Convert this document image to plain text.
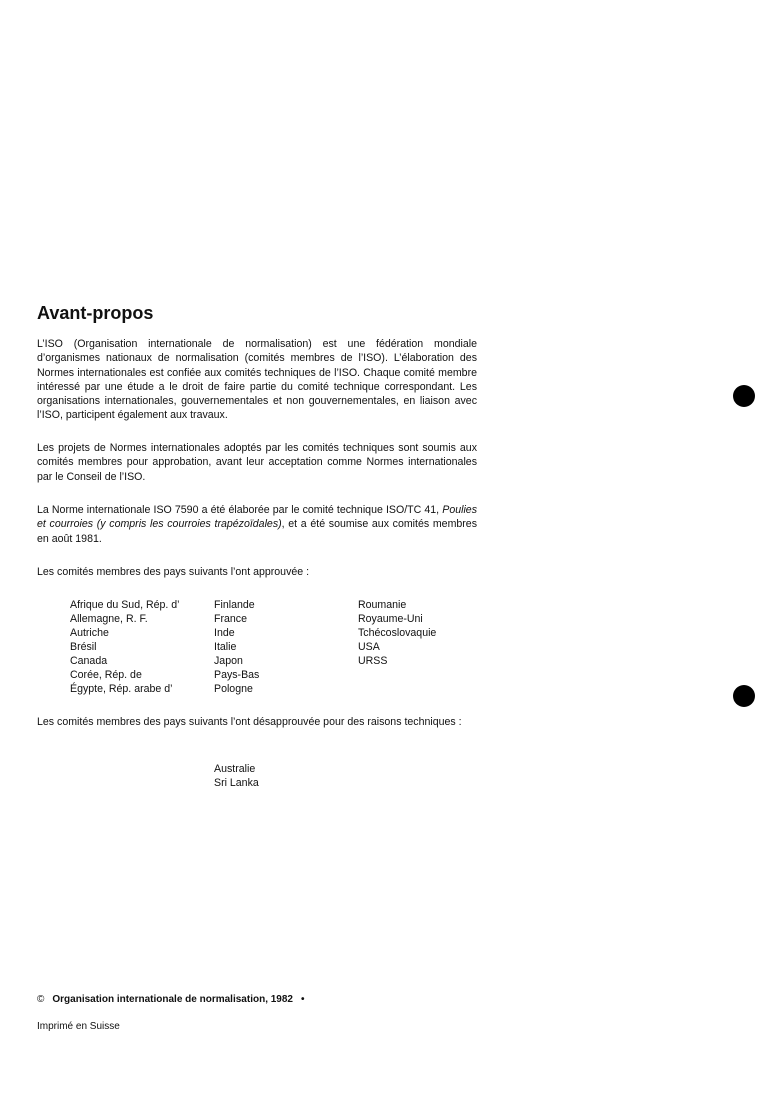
Avant-propos

L’ISO (Organisation internationale de normalisation) est une fédération mondiale d’organismes nationaux de normalisation (comités membres de l’ISO). L’élaboration des Normes internationales est confiée aux comités techniques de l’ISO. Chaque comité membre intéressé par une étude a le droit de faire partie du comité technique correspondant. Les organisations internationales, gouvernementales et non gouvernementales, en liaison avec l’ISO, participent également aux travaux.

Les projets de Normes internationales adoptés par les comités techniques sont soumis aux comités membres pour approbation, avant leur acceptation comme Normes internationales par le Conseil de l’ISO.

La Norme internationale ISO 7590 a été élaborée par le comité technique ISO/TC 41, Poulies et courroies (y compris les courroies trapézoïdales), et a été soumise aux comités membres en août 1981.

Les comités membres des pays suivants l’ont approuvée :

Afrique du Sud, Rép. d’
Allemagne, R. F.
Autriche
Brésil
Canada
Corée, Rép. de
Égypte, Rép. arabe d’
Finlande
France
Inde
Italie
Japon
Pays-Bas
Pologne
Roumanie
Royaume-Uni
Tchécoslovaquie
USA
URSS

Les comités membres des pays suivants l’ont désapprouvée pour des raisons techniques :

Australie
Sri Lanka
© Organisation internationale de normalisation, 1982 •
Imprimé en Suisse
